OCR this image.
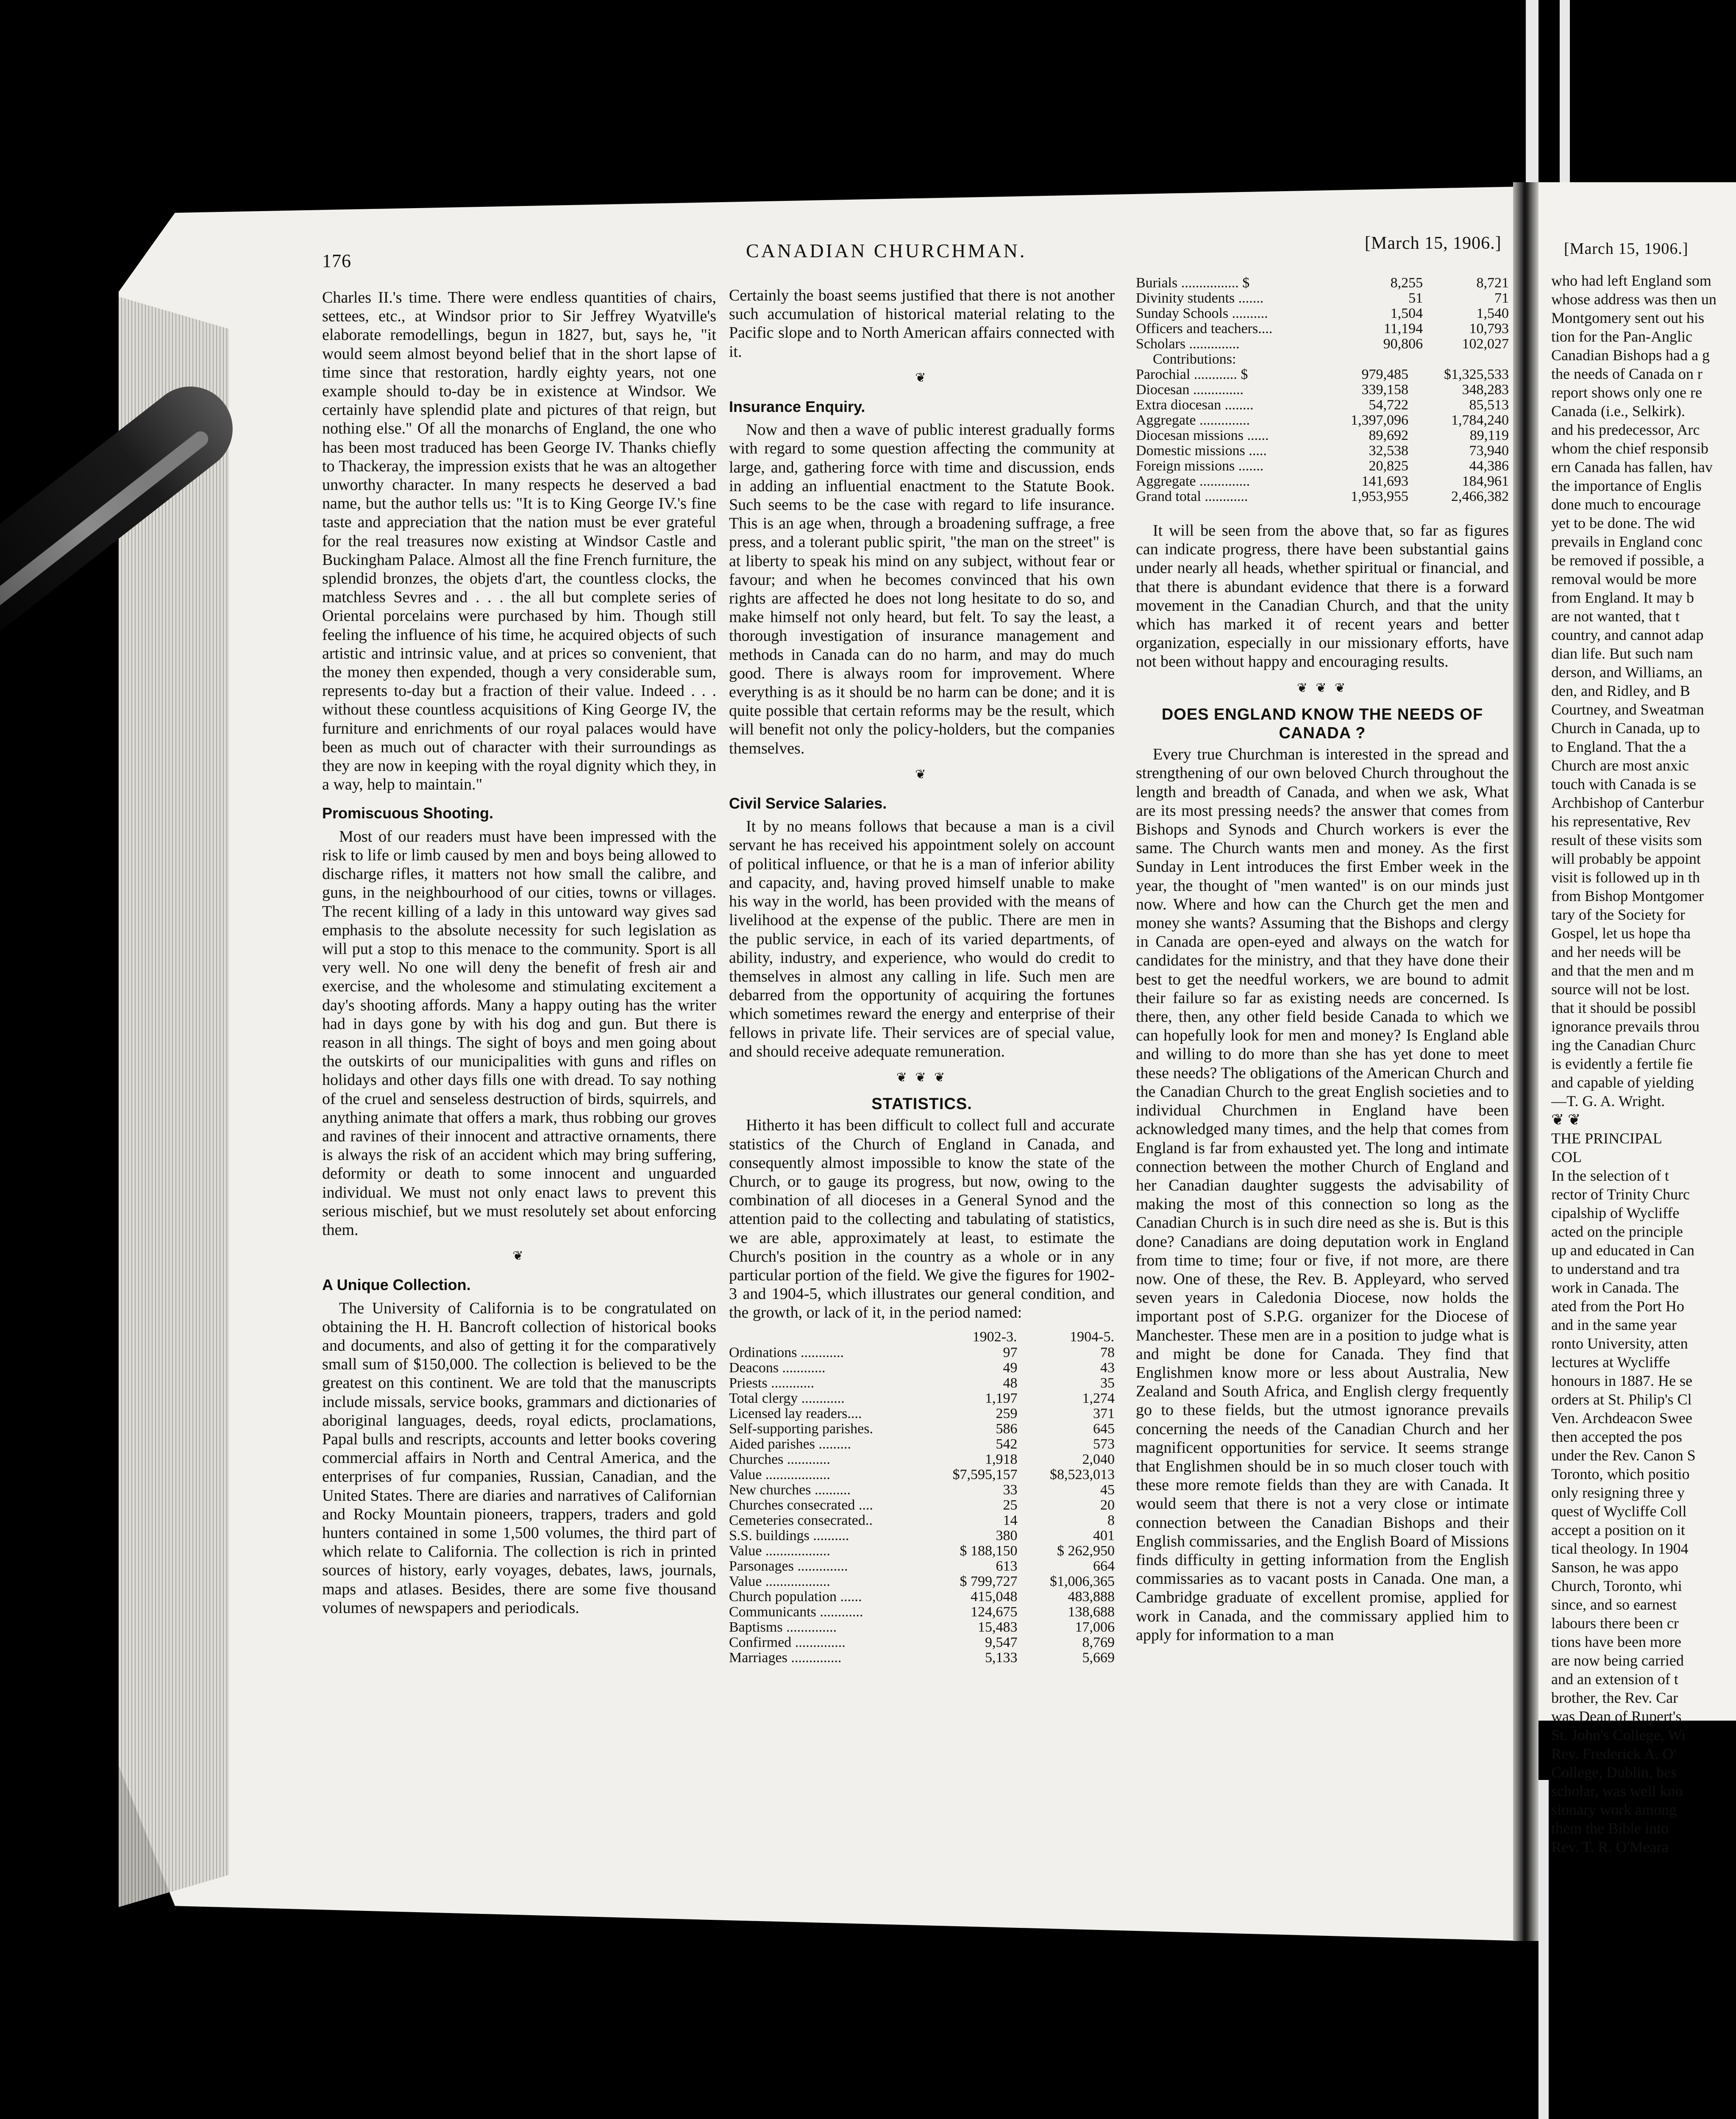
176	CANADIAN CHURCHMAN.	[March 15, 1906.]

Charles II.'s time. There were endless quantities of chairs, settees, etc., at Windsor prior to Sir Jeffrey Wyatville's elaborate remodellings, begun in 1827, but, says he, "it would seem almost beyond belief that in the short lapse of time since that restoration, hardly eighty years, not one example should to-day be in existence at Windsor. We certainly have splendid plate and pictures of that reign, but nothing else." Of all the monarchs of England, the one who has been most traduced has been George IV. Thanks chiefly to Thackeray, the impression exists that he was an altogether unworthy character. In many respects he deserved a bad name, but the author tells us: "It is to King George IV.'s fine taste and appreciation that the nation must be ever grateful for the real treasures now existing at Windsor Castle and Buckingham Palace. Almost all the fine French furniture, the splendid bronzes, the objets d'art, the countless clocks, the matchless Sevres and . . . the all but complete series of Oriental porcelains were purchased by him. Though still feeling the influence of his time, he acquired objects of such artistic and intrinsic value, and at prices so convenient, that the money then expended, though a very considerable sum, represents to-day but a fraction of their value. Indeed . . . without these countless acquisitions of King George IV, the furniture and enrichments of our royal palaces would have been as much out of character with their surroundings as they are now in keeping with the royal dignity which they, in a way, help to maintain."

Promiscuous Shooting.

Most of our readers must have been impressed with the risk to life or limb caused by men and boys being allowed to discharge rifles, it matters not how small the calibre, and guns, in the neighbourhood of our cities, towns or villages. The recent killing of a lady in this untoward way gives sad emphasis to the absolute necessity for such legislation as will put a stop to this menace to the community. Sport is all very well. No one will deny the benefit of fresh air and exercise, and the wholesome and stimulating excitement a day's shooting affords. Many a happy outing has the writer had in days gone by with his dog and gun. But there is reason in all things. The sight of boys and men going about the outskirts of our municipalities with guns and rifles on holidays and other days fills one with dread. To say nothing of the cruel and senseless destruction of birds, squirrels, and anything animate that offers a mark, thus robbing our groves and ravines of their innocent and attractive ornaments, there is always the risk of an accident which may bring suffering, deformity or death to some innocent and unguarded individual. We must not only enact laws to prevent this serious mischief, but we must resolutely set about enforcing them.

❦
A Unique Collection.

The University of California is to be congratulated on obtaining the H. H. Bancroft collection of historical books and documents, and also of getting it for the comparatively small sum of $150,000. The collection is believed to be the greatest on this continent. We are told that the manuscripts include missals, service books, grammars and dictionaries of aboriginal languages, deeds, royal edicts, proclamations, Papal bulls and rescripts, accounts and letter books covering commercial affairs in North and Central America, and the enterprises of fur companies, Russian, Canadian, and the United States. There are diaries and narratives of Californian and Rocky Mountain pioneers, trappers, traders and gold hunters contained in some 1,500 volumes, the third part of which relate to California. The collection is rich in printed sources of history, early voyages, debates, laws, journals, maps and atlases. Besides, there are some five thousand volumes of newspapers and periodicals.

Certainly the boast seems justified that there is not another such accumulation of historical material relating to the Pacific slope and to North American affairs connected with it.

❦
Insurance Enquiry.

Now and then a wave of public interest gradually forms with regard to some question affecting the community at large, and, gathering force with time and discussion, ends in adding an influential enactment to the Statute Book. Such seems to be the case with regard to life insurance. This is an age when, through a broadening suffrage, a free press, and a tolerant public spirit, "the man on the street" is at liberty to speak his mind on any subject, without fear or favour; and when he becomes convinced that his own rights are affected he does not long hesitate to do so, and make himself not only heard, but felt. To say the least, a thorough investigation of insurance management and methods in Canada can do no harm, and may do much good. There is always room for improvement. Where everything is as it should be no harm can be done; and it is quite possible that certain reforms may be the result, which will benefit not only the policy-holders, but the companies themselves.

❦
Civil Service Salaries.

It by no means follows that because a man is a civil servant he has received his appointment solely on account of political influence, or that he is a man of inferior ability and capacity, and, having proved himself unable to make his way in the world, has been provided with the means of livelihood at the expense of the public. There are men in the public service, in each of its varied departments, of ability, industry, and experience, who would do credit to themselves in almost any calling in life. Such men are debarred from the opportunity of acquiring the fortunes which sometimes reward the energy and enterprise of their fellows in private life. Their services are of special value, and should receive adequate remuneration.

❦ ❦ ❦
STATISTICS.

Hitherto it has been difficult to collect full and accurate statistics of the Church of England in Canada, and consequently almost impossible to know the state of the Church, or to gauge its progress, but now, owing to the combination of all dioceses in a General Synod and the attention paid to the collecting and tabulating of statistics, we are able, approximately at least, to estimate the Church's position in the country as a whole or in any particular portion of the field. We give the figures for 1902-3 and 1904-5, which illustrates our general condition, and the growth, or lack of it, in the period named:

	1902-3.	1904-5.
Ordinations ............	97	78
Deacons ............	49	43
Priests ............	48	35
Total clergy ............	1,197	1,274
Licensed lay readers....	259	371
Self-supporting parishes.	586	645
Aided parishes .........	542	573
Churches ............	1,918	2,040
Value ..................	$7,595,157	$8,523,013
New churches ..........	33	45
Churches consecrated ....	25	20
Cemeteries consecrated..	14	8
S.S. buildings ..........	380	401
Value ..................	$ 188,150	$ 262,950
Parsonages ..............	613	664
Value ..................	$ 799,727	$1,006,365
Church population ......	415,048	483,888
Communicants ............	124,675	138,688
Baptisms ..............	15,483	17,006
Confirmed ..............	9,547	8,769
Marriages ..............	5,133	5,669
Burials ................ $	8,255	8,721
Divinity students .......	51	71
Sunday Schools ..........	1,504	1,540
Officers and teachers....	11,194	10,793
Scholars ..............	90,806	102,027
Contributions:
Parochial ............ $	979,485	$1,325,533
Diocesan ..............	339,158	348,283
Extra diocesan ........	54,722	85,513
Aggregate ..............	1,397,096	1,784,240
Diocesan missions ......	89,692	89,119
Domestic missions .....	32,538	73,940
Foreign missions .......	20,825	44,386
Aggregate ..............	141,693	184,961
Grand total ............	1,953,955	2,466,382

It will be seen from the above that, so far as figures can indicate progress, there have been substantial gains under nearly all heads, whether spiritual or financial, and that there is abundant evidence that there is a forward movement in the Canadian Church, and that the unity which has marked it of recent years and better organization, especially in our missionary efforts, have not been without happy and encouraging results.

❦ ❦ ❦
DOES ENGLAND KNOW THE NEEDS OF
CANADA ?

Every true Churchman is interested in the spread and strengthening of our own beloved Church throughout the length and breadth of Canada, and when we ask, What are its most pressing needs? the answer that comes from Bishops and Synods and Church workers is ever the same. The Church wants men and money. As the first Sunday in Lent introduces the first Ember week in the year, the thought of "men wanted" is on our minds just now. Where and how can the Church get the men and money she wants? Assuming that the Bishops and clergy in Canada are open-eyed and always on the watch for candidates for the ministry, and that they have done their best to get the needful workers, we are bound to admit their failure so far as existing needs are concerned. Is there, then, any other field beside Canada to which we can hopefully look for men and money? Is England able and willing to do more than she has yet done to meet these needs? The obligations of the American Church and the Canadian Church to the great English societies and to individual Churchmen in England have been acknowledged many times, and the help that comes from England is far from exhausted yet. The long and intimate connection between the mother Church of England and her Canadian daughter suggests the advisability of making the most of this connection so long as the Canadian Church is in such dire need as she is. But is this done? Canadians are doing deputation work in England from time to time; four or five, if not more, are there now. One of these, the Rev. B. Appleyard, who served seven years in Caledonia Diocese, now holds the important post of S.P.G. organizer for the Diocese of Manchester. These men are in a position to judge what is and might be done for Canada. They find that Englishmen know more or less about Australia, New Zealand and South Africa, and English clergy frequently go to these fields, but the utmost ignorance prevails concerning the needs of the Canadian Church and her magnificent opportunities for service. It seems strange that Englishmen should be in so much closer touch with these more remote fields than they are with Canada. It would seem that there is not a very close or intimate connection between the Canadian Bishops and their English commissaries, and the English Board of Missions finds difficulty in getting information from the English commissaries as to vacant posts in Canada. One man, a Cambridge graduate of excellent promise, applied for work in Canada, and the commissary applied him to apply for information to a man

[March 15, 1906.]
who had left England som
whose address was then un
Montgomery sent out his
tion for the Pan-Anglic
Canadian Bishops had a g
the needs of Canada on r
report shows only one re
Canada (i.e., Selkirk).
and his predecessor, Arc
whom the chief responsib
ern Canada has fallen, hav
the importance of Englis
done much to encourage
yet to be done. The wid
prevails in England conc
be removed if possible, a
removal would be more
from England. It may b
are not wanted, that t
country, and cannot adap
dian life. But such nam
derson, and Williams, an
den, and Ridley, and B
Courtney, and Sweatman
Church in Canada, up to
to England. That the a
Church are most anxic
touch with Canada is se
Archbishop of Canterbur
his representative, Rev
result of these visits som
will probably be appoint
visit is followed up in th
from Bishop Montgomer
tary of the Society for
Gospel, let us hope tha
and her needs will be
and that the men and m
source will not be lost.
that it should be possibl
ignorance prevails throu
ing the Canadian Churc
is evidently a fertile fie
and capable of yielding
—T. G. A. Wright.
❦ ❦
THE PRINCIPAL
COL
In the selection of t
rector of Trinity Churc
cipalship of Wycliffe
acted on the principle
up and educated in Can
to understand and tra
work in Canada. The
ated from the Port Ho
and in the same year
ronto University, atten
lectures at Wycliffe
honours in 1887. He se
orders at St. Philip's Cl
Ven. Archdeacon Swee
then accepted the pos
under the Rev. Canon S
Toronto, which positio
only resigning three y
quest of Wycliffe Coll
accept a position on it
tical theology. In 1904
Sanson, he was appo
Church, Toronto, whi
since, and so earnest
labours there been cr
tions have been more
are now being carried
and an extension of t
brother, the Rev. Car
was Dean of Rupert's
St. John's College, Wi
Rev. Frederick A. O'
College, Dublin, bes
scholar, was well kno
sionary work among
them the Bible into
Rev. T. R. O'Meara
